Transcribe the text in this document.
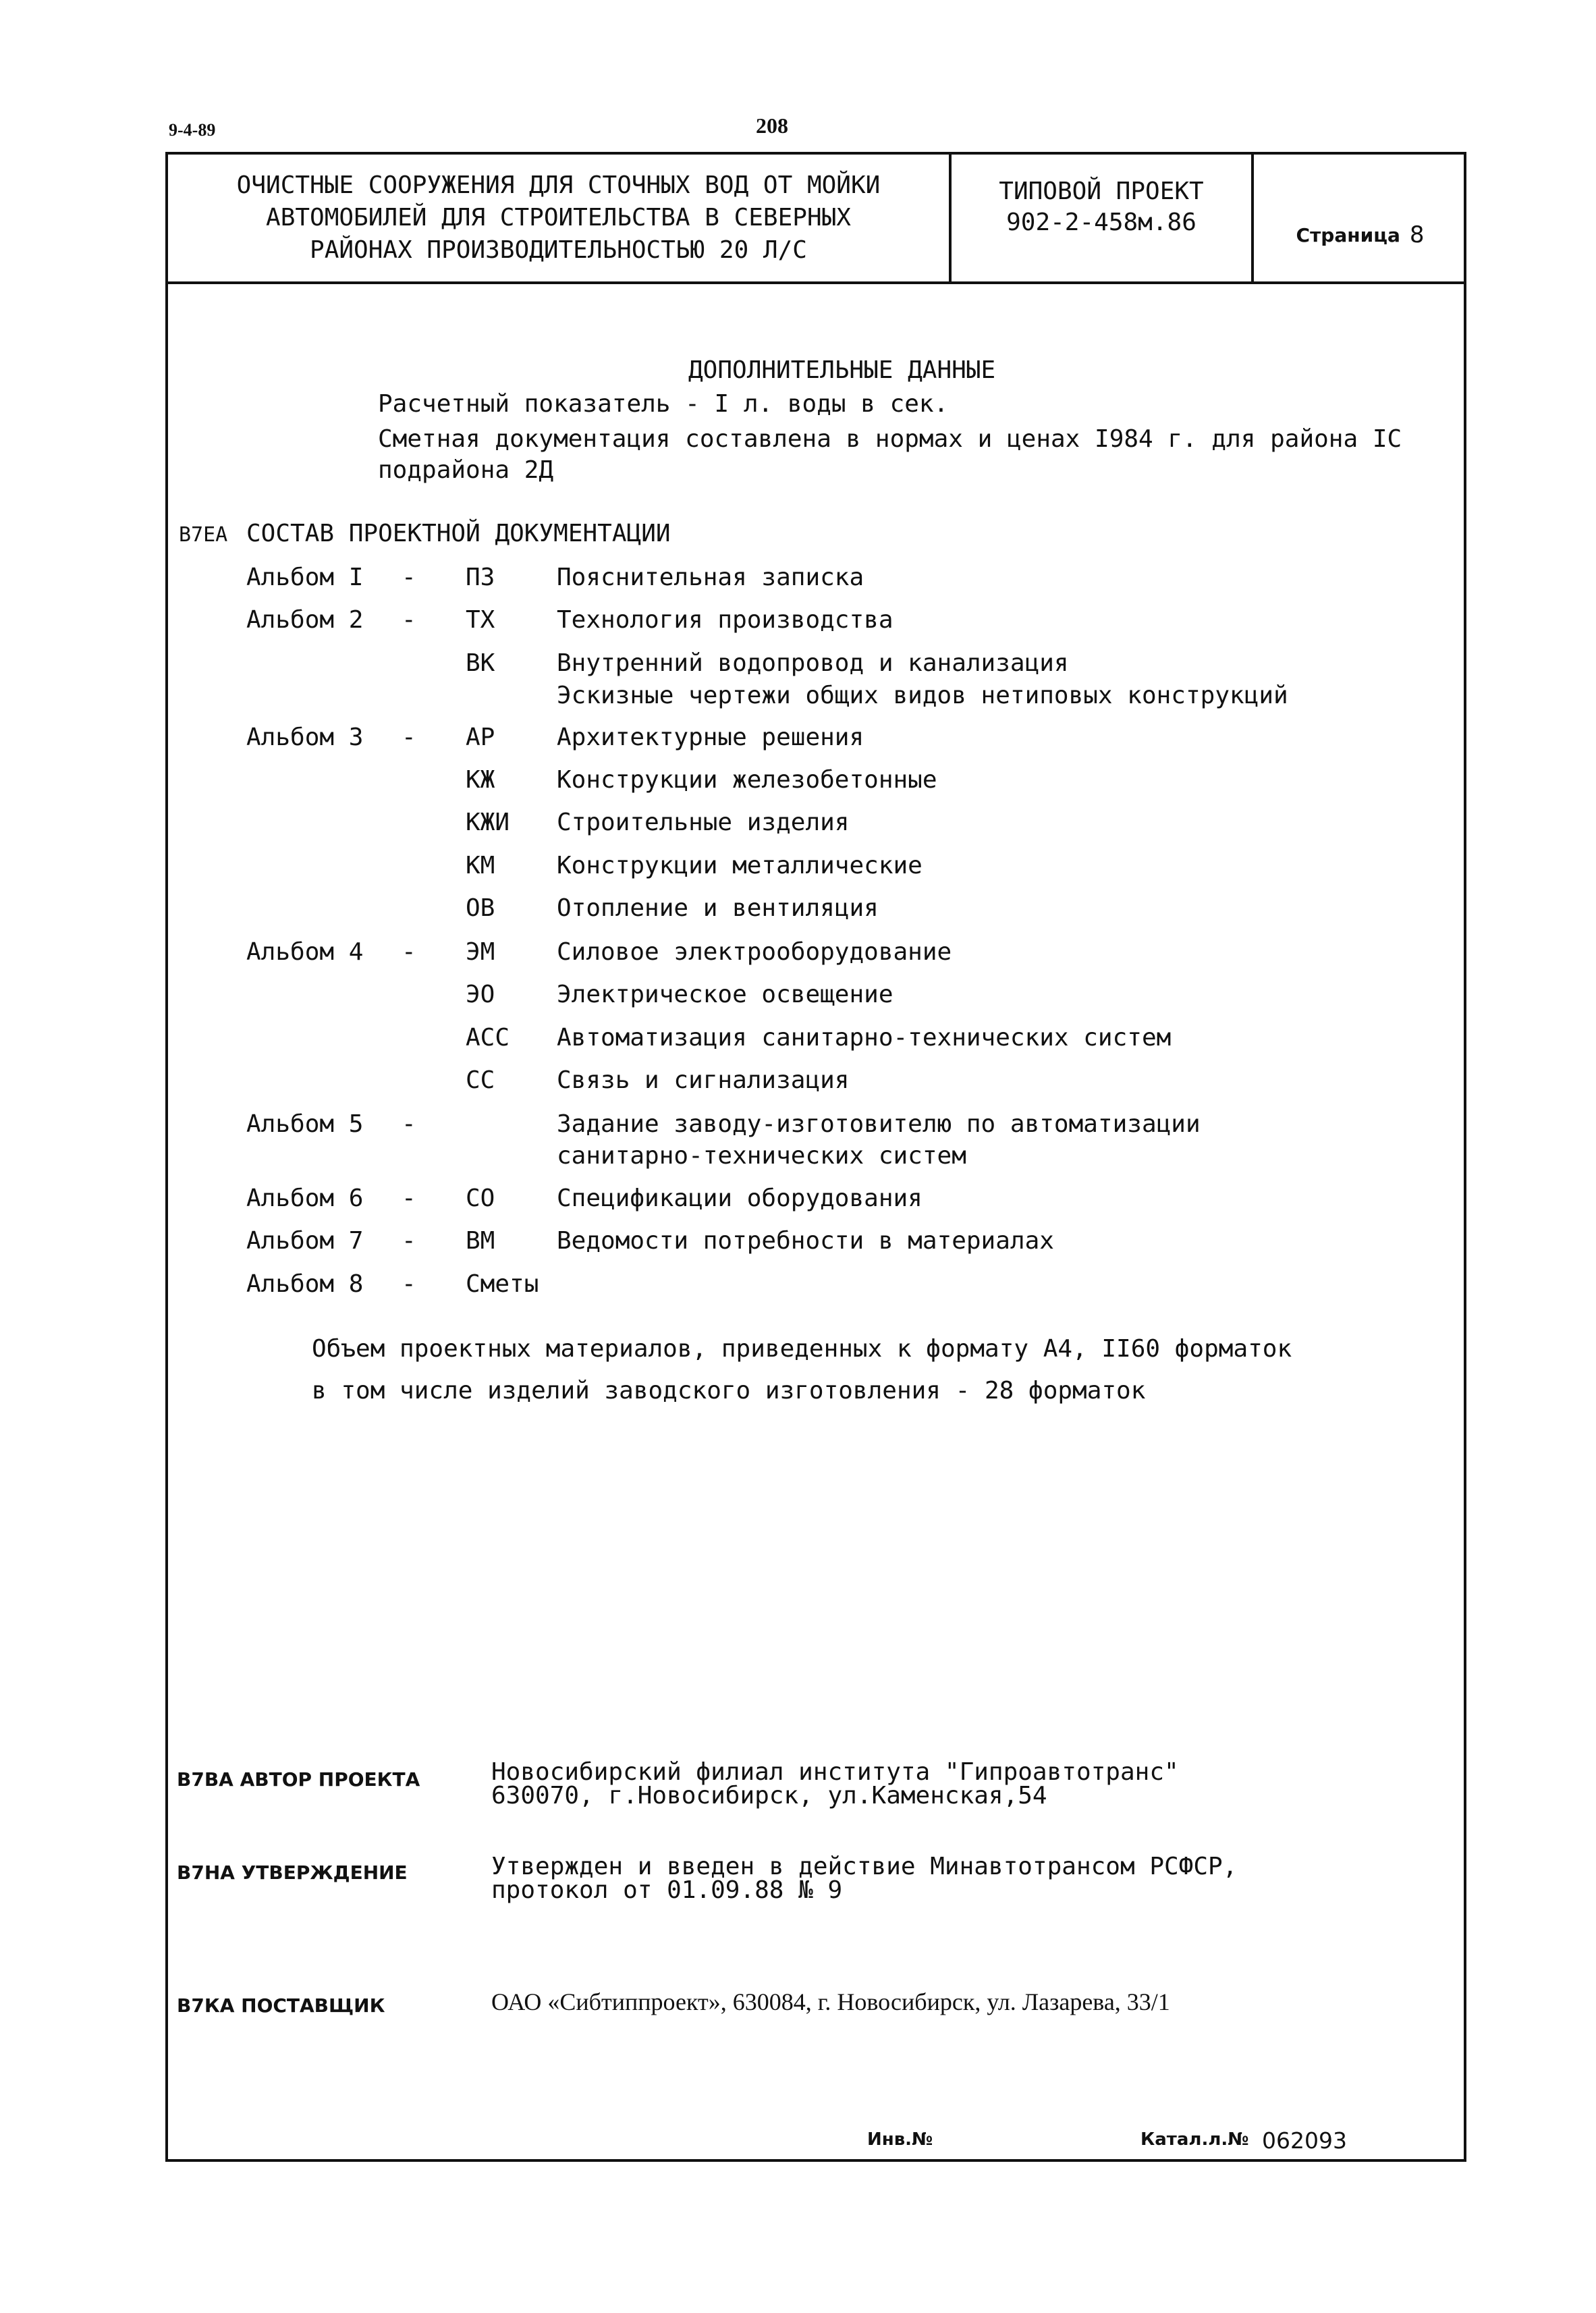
9-4-89	208
ОЧИСТНЫЕ СООРУЖЕНИЯ ДЛЯ СТОЧНЫХ ВОД ОТ МОЙКИ
АВТОМОБИЛЕЙ ДЛЯ СТРОИТЕЛЬСТВА В СЕВЕРНЫХ
РАЙОНАХ ПРОИЗВОДИТЕЛЬНОСТЬЮ 20 Л/С
ТИПОВОЙ ПРОЕКТ
902-2-458м.86	Страница 8
ДОПОЛНИТЕЛЬНЫЕ ДАННЫЕ
Расчетный показатель - I л. воды в сек.
Сметная документация составлена в нормах и ценах I984 г. для района IC
подрайона 2Д
В7ЕА СОСТАВ ПРОЕКТНОЙ ДОКУМЕНТАЦИИ
Альбом I - ПЗ	Пояснительная записка
Альбом 2 - ТХ	Технология производства
ВК	Внутренний водопровод и канализация
Эскизные чертежи общих видов нетиповых конструкций
Альбом 3 - АР	Архитектурные решения
КЖ	Конструкции железобетонные
КЖИ Строительные изделия
КМ	Конструкции металлические
ОВ	Отопление и вентиляция
Альбом 4 - ЭМ	Силовое электрооборудование
ЭО	Электрическое освещение
АСС Автоматизация санитарно-технических систем
СС	Связь и сигнализация
Альбом 5 -	Задание заводу-изготовителю по автоматизации
санитарно-технических систем
Альбом 6 - СО	Спецификации оборудования
Альбом 7 - ВМ	Ведомости потребности в материалах
Альбом 8 - Сметы
Объем проектных материалов, приведенных к формату А4, II60 форматок
в том числе изделий заводского изготовления - 28 форматок
В7ВА АВТОР ПРОЕКТА	Новосибирский филиал института "Гипроавтотранс"
630070, г.Новосибирск, ул.Каменская,54
В7НА УТВЕРЖДЕНИЕ	Утвержден и введен в действие Минавтотрансом РСФСР,
протокол от 01.09.88 № 9
В7КА ПОСТАВЩИК	ОАО «Сибтиппроект», 630084, г. Новосибирск, ул. Лазарева, 33/1
Инв.№	Катал.л.№ 062093
